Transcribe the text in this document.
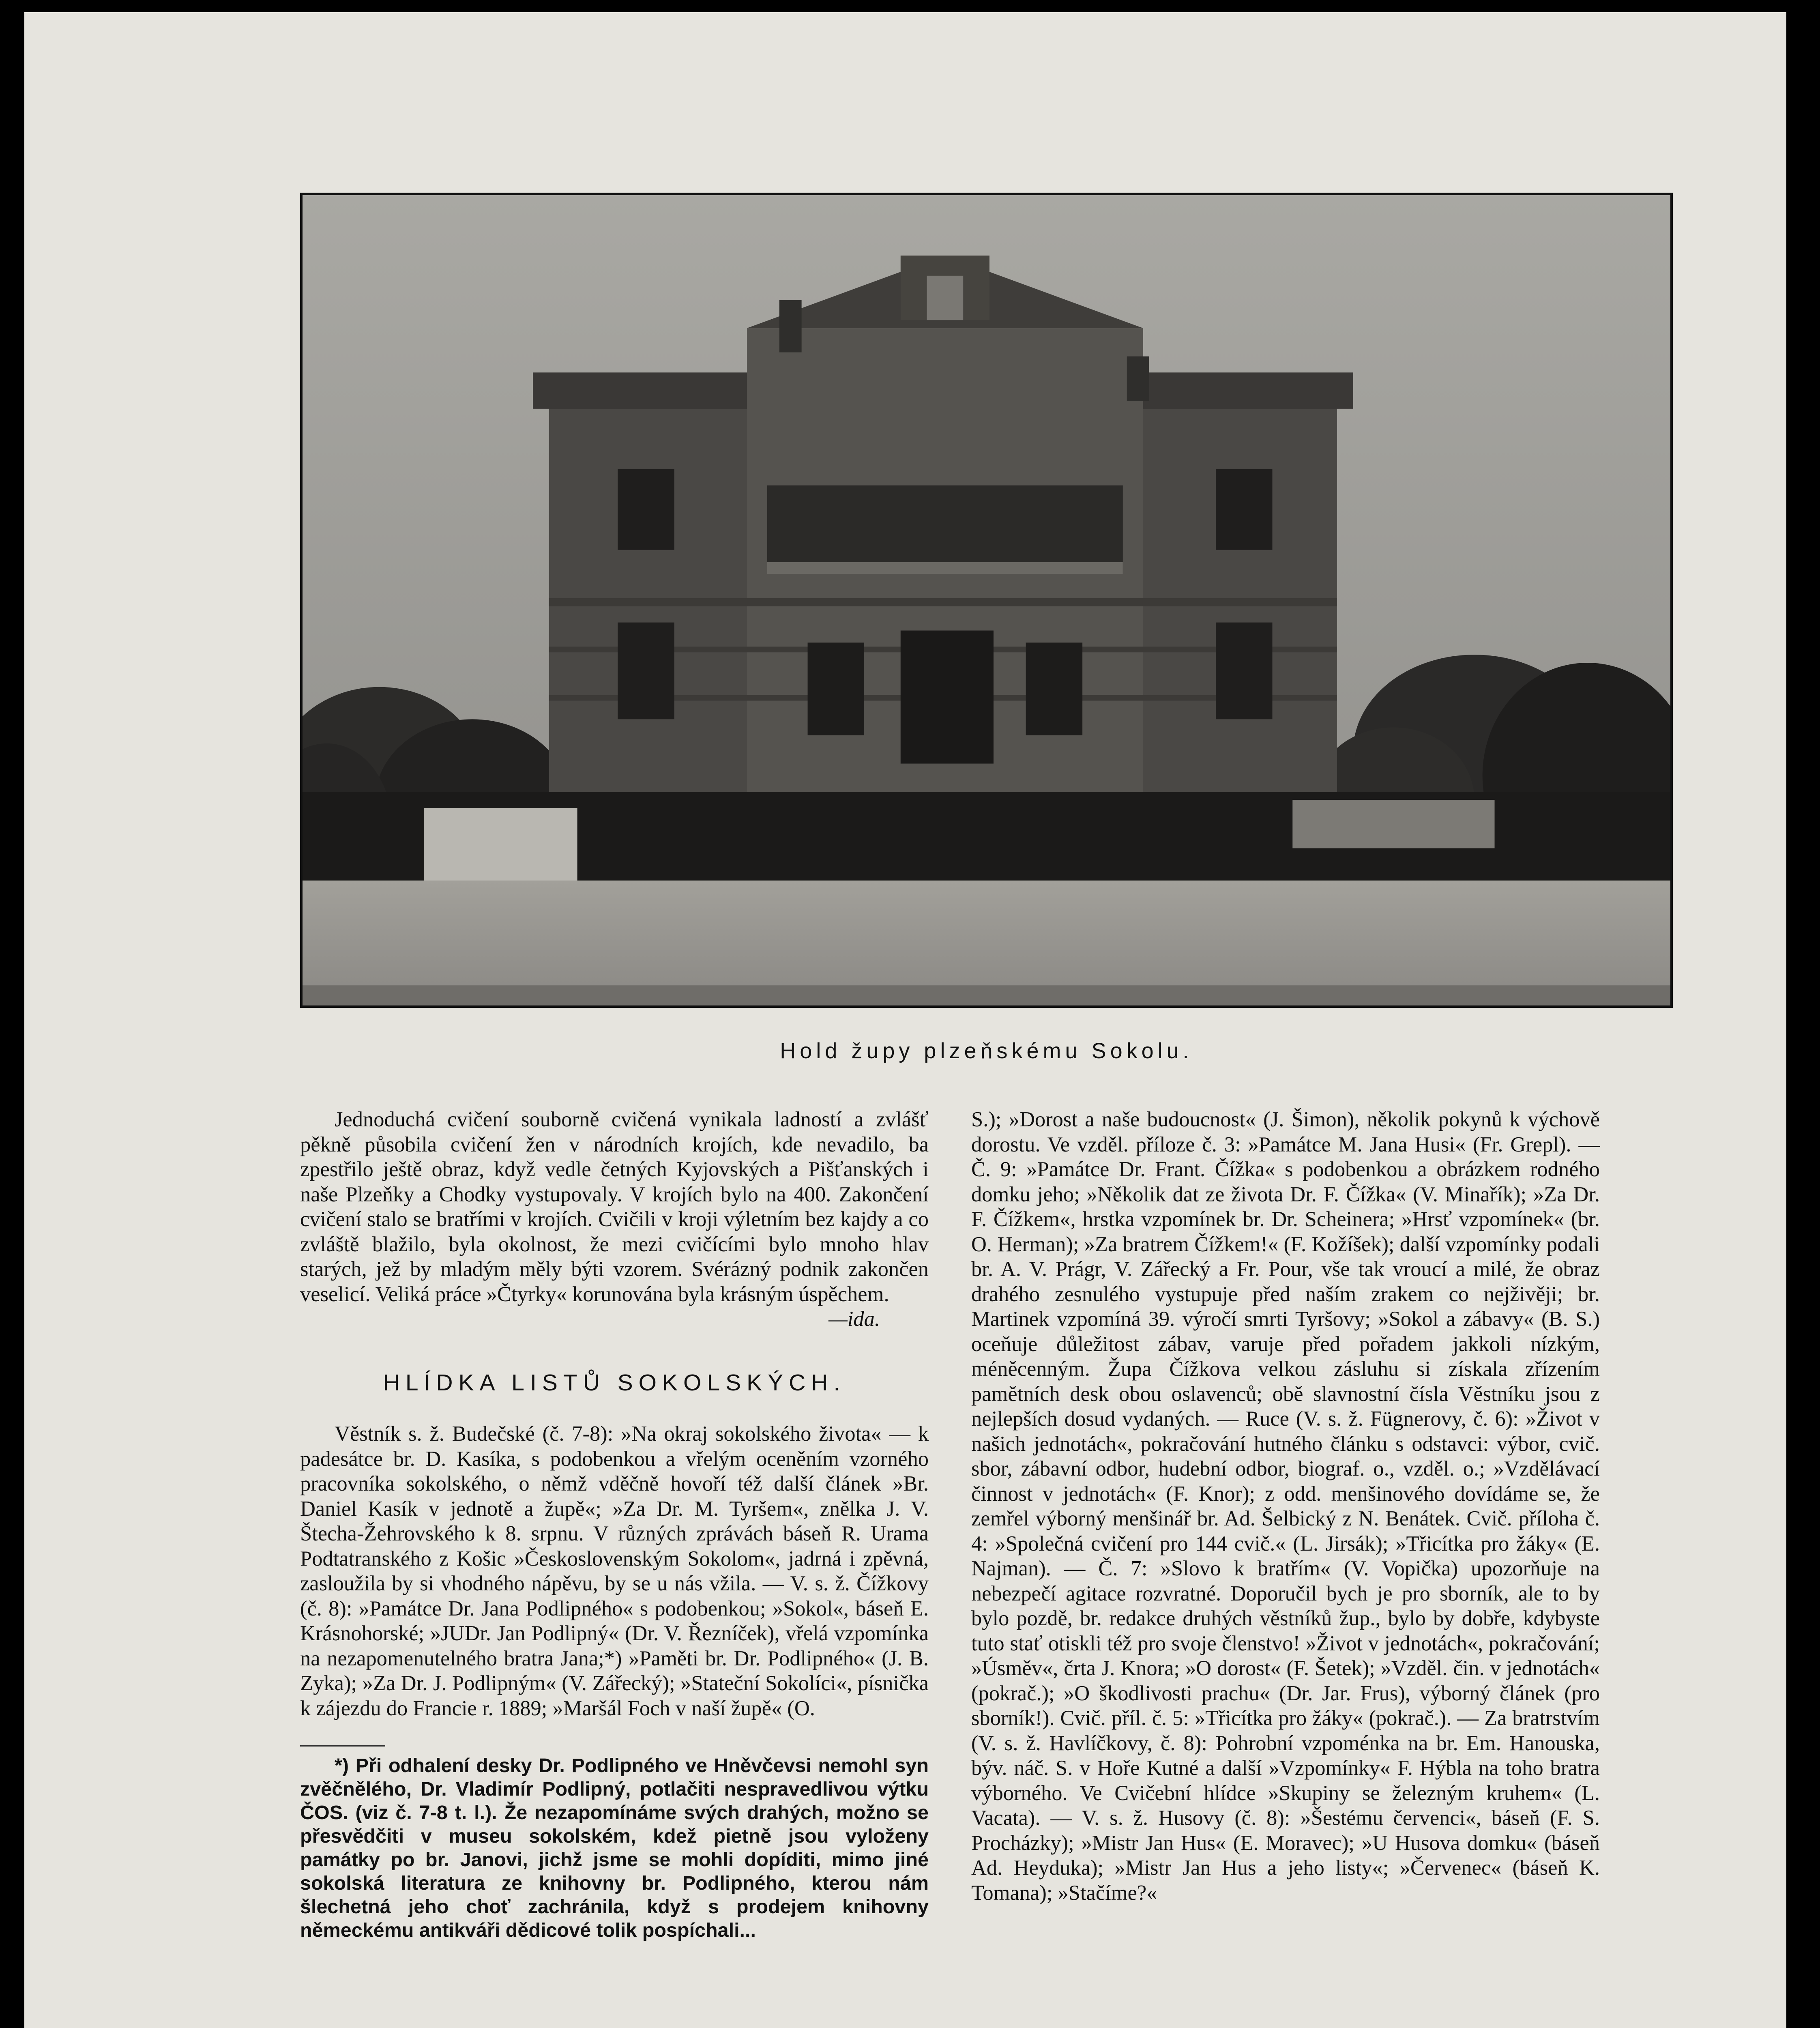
Hold župy plzeňskému Sokolu.

Jednoduchá cvičení souborně cvičená vynikala ladností a zvlášť pěkně působila cvičení žen v národních krojích, kde nevadilo, ba zpestřilo ještě obraz, když vedle četných Kyjovských a Pišťanských i naše Plzeňky a Chodky vystupovaly. V krojích bylo na 400. Zakončení cvičení stalo se bratřími v krojích. Cvičili v kroji výletním bez kajdy a co zvláště blažilo, byla okolnost, že mezi cvičícími bylo mnoho hlav starých, jež by mladým měly býti vzorem. Svérázný podnik zakončen veselicí. Veliká práce »Čtyrky« korunována byla krásným úspěchem.

—ida.
HLÍDKA LISTŮ SOKOLSKÝCH.

Věstník s. ž. Budečské (č. 7-8): »Na okraj sokolského života« — k padesátce br. D. Kasíka, s podobenkou a vřelým oceněním vzorného pracovníka sokolského, o němž vděčně hovoří též další článek »Br. Daniel Kasík v jednotě a župě«; »Za Dr. M. Tyršem«, znělka J. V. Štecha-Žehrovského k 8. srpnu. V různých zprávách báseň R. Urama Podtatranského z Košic »Československým Sokolom«, jadrná i zpěvná, zasloužila by si vhodného nápěvu, by se u nás vžila. — V. s. ž. Čížkovy (č. 8): »Památce Dr. Jana Podlipného« s podobenkou; »Sokol«, báseň E. Krásnohorské; »JUDr. Jan Podlipný« (Dr. V. Řezníček), vřelá vzpomínka na nezapomenutelného bratra Jana;*) »Paměti br. Dr. Podlipného« (J. B. Zyka); »Za Dr. J. Podlipným« (V. Zářecký); »Stateční Sokolíci«, písnička k zájezdu do Francie r. 1889; »Maršál Foch v naší župě« (O.

*) Při odhalení desky Dr. Podlipného ve Hněvčevsi nemohl syn zvěčnělého, Dr. Vladimír Podlipný, potlačiti nespravedlivou výtku ČOS. (viz č. 7-8 t. l.). Že nezapomínáme svých drahých, možno se přesvědčiti v museu sokolském, kdež pietně jsou vyloženy památky po br. Janovi, jichž jsme se mohli dopíditi, mimo jiné sokolská literatura ze knihovny br. Podlipného, kterou nám šlechetná jeho choť zachránila, když s prodejem knihovny německému antikváři dědicové tolik pospíchali...

S.); »Dorost a naše budoucnost« (J. Šimon), několik pokynů k výchově dorostu. Ve vzděl. příloze č. 3: »Památce M. Jana Husi« (Fr. Grepl). — Č. 9: »Památce Dr. Frant. Čížka« s podobenkou a obrázkem rodného domku jeho; »Několik dat ze života Dr. F. Čížka« (V. Minařík); »Za Dr. F. Čížkem«, hrstka vzpomínek br. Dr. Scheinera; »Hrsť vzpomínek« (br. O. Herman); »Za bratrem Čížkem!« (F. Kožíšek); další vzpomínky podali br. A. V. Prágr, V. Zářecký a Fr. Pour, vše tak vroucí a milé, že obraz drahého zesnulého vystupuje před naším zrakem co nejživěji; br. Martinek vzpomíná 39. výročí smrti Tyršovy; »Sokol a zábavy« (B. S.) oceňuje důležitost zábav, varuje před pořadem jakkoli nízkým, méněcenným. Župa Čížkova velkou zásluhu si získala zřízením pamětních desk obou oslavenců; obě slavnostní čísla Věstníku jsou z nejlepších dosud vydaných. — Ruce (V. s. ž. Fügnerovy, č. 6): »Život v našich jednotách«, pokračování hutného článku s odstavci: výbor, cvič. sbor, zábavní odbor, hudební odbor, biograf. o., vzděl. o.; »Vzdělávací činnost v jednotách« (F. Knor); z odd. menšinového dovídáme se, že zemřel výborný menšinář br. Ad. Šelbický z N. Benátek. Cvič. příloha č. 4: »Společná cvičení pro 144 cvič.« (L. Jirsák); »Třicítka pro žáky« (E. Najman). — Č. 7: »Slovo k bratřím« (V. Vopička) upozorňuje na nebezpečí agitace rozvratné. Doporučil bych je pro sborník, ale to by bylo pozdě, br. redakce druhých věstníků žup., bylo by dobře, kdybyste tuto stať otiskli též pro svoje členstvo! »Život v jednotách«, pokračování; »Úsměv«, črta J. Knora; »O dorost« (F. Šetek); »Vzděl. čin. v jednotách« (pokrač.); »O škodlivosti prachu« (Dr. Jar. Frus), výborný článek (pro sborník!). Cvič. příl. č. 5: »Třicítka pro žáky« (pokrač.). — Za bratrstvím (V. s. ž. Havlíčkovy, č. 8): Pohrobní vzpoménka na br. Em. Hanouska, býv. náč. S. v Hoře Kutné a další »Vzpomínky« F. Hýbla na toho bratra výborného. Ve Cvičební hlídce »Skupiny se železným kruhem« (L. Vacata). — V. s. ž. Husovy (č. 8): »Šestému červenci«, báseň (F. S. Procházky); »Mistr Jan Hus« (E. Moravec); »U Husova domku« (báseň Ad. Heyduka); »Mistr Jan Hus a jeho listy«; »Červenec« (báseň K. Tomana); »Stačíme?«
